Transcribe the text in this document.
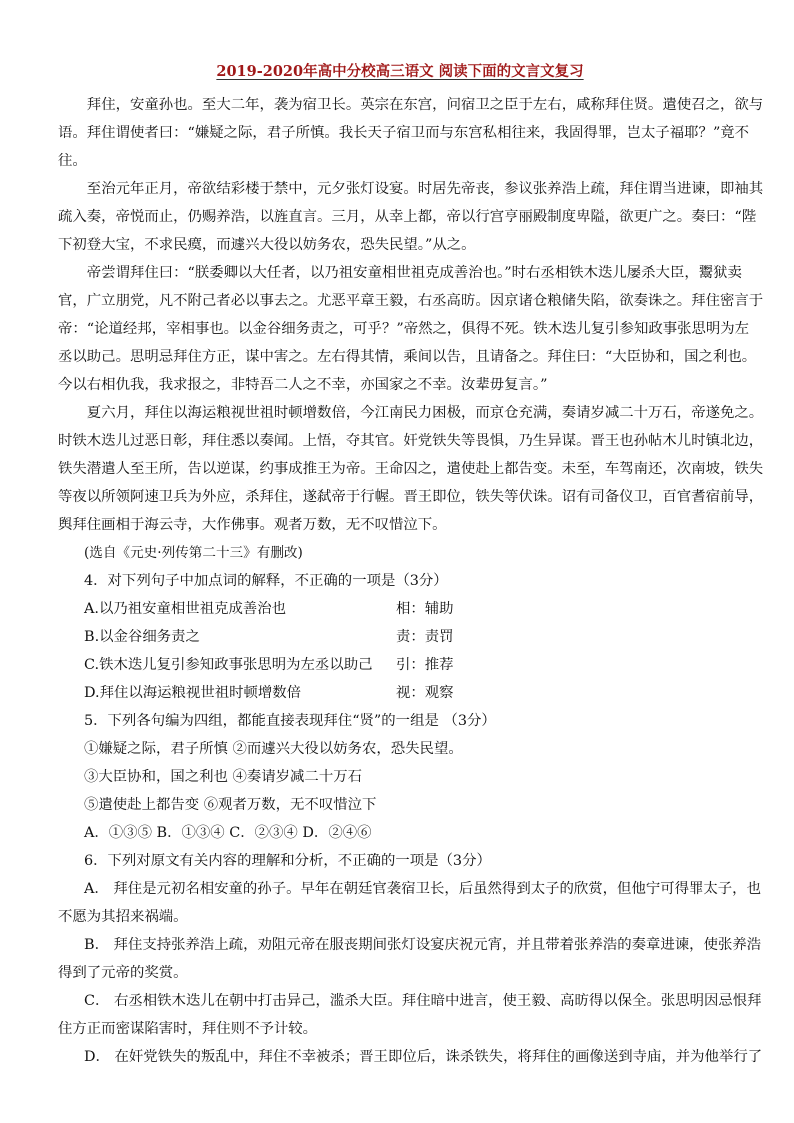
2019-2020年高中分校高三语文 阅读下面的文言文复习

拜住，安童孙也。至大二年，袭为宿卫长。英宗在东宫，问宿卫之臣于左右，咸称拜住贤。遣使召之，欲与
语。拜住谓使者曰：“嫌疑之际，君子所慎。我长天子宿卫而与东宫私相往来，我固得罪，岂太子福耶？”竟不
往。

至治元年正月，帝欲结彩楼于禁中，元夕张灯设宴。时居先帝丧，参议张养浩上疏，拜住谓当进谏，即袖其
疏入奏，帝悦而止，仍赐养浩，以旌直言。三月，从幸上都，帝以行宫亨丽殿制度卑隘，欲更广之。奏曰：“陛
下初登大宝，不求民瘼，而遽兴大役以妨务农，恐失民望。”从之。

帝尝谓拜住曰：“朕委卿以大任者，以乃祖安童相世祖克成善治也。”时右丞相铁木迭儿屡杀大臣，鬻狱卖
官，广立朋党，凡不附己者必以事去之。尤恶平章王毅，右丞高昉。因京诸仓粮储失陷，欲奏诛之。拜住密言于
帝：“论道经邦，宰相事也。以金谷细务责之，可乎？”帝然之，俱得不死。铁木迭儿复引参知政事张思明为左
丞以助己。思明忌拜住方正，谋中害之。左右得其情，乘间以告，且请备之。拜住曰：“大臣协和，国之利也。
今以右相仇我，我求报之，非特吾二人之不幸，亦国家之不幸。汝辈毋复言。”

夏六月，拜住以海运粮视世祖时顿增数倍，今江南民力困极，而京仓充满，奏请岁减二十万石，帝遂免之。
时铁木迭儿过恶日彰，拜住悉以奏闻。上悟，夺其官。奸党铁失等畏惧，乃生异谋。晋王也孙帖木儿时镇北边，
铁失潜遣人至王所，告以逆谋，约事成推王为帝。王命囚之，遣使赴上都告变。未至，车驾南还，次南坡，铁失
等夜以所领阿速卫兵为外应，杀拜住，遂弑帝于行幄。晋王即位，铁失等伏诛。诏有司备仪卫，百官耆宿前导，
舆拜住画相于海云寺，大作佛事。观者万数，无不叹惜泣下。

(选自《元史·列传第二十三》有删改)

4．对下列句子中加点词的解释，不正确的一项是（3分）

A.以乃祖安童相世祖克成善治也	相：辅助

B.以金谷细务责之	责：责罚

C.铁木迭儿复引参知政事张思明为左丞以助己	引：推荐

D.拜住以海运粮视世祖时顿增数倍	视：观察

5．下列各句编为四组，都能直接表现拜住“贤”的一组是 （3分）

①嫌疑之际，君子所慎 ②而遽兴大役以妨务农，恐失民望。

③大臣协和，国之利也 ④奏请岁减二十万石

⑤遣使赴上都告变 ⑥观者万数，无不叹惜泣下

A．①③⑤ B．①③④ C．②③④ D．②④⑥

6．下列对原文有关内容的理解和分析，不正确的一项是（3分）

A． 拜住是元初名相安童的孙子。早年在朝廷官袭宿卫长，后虽然得到太子的欣赏，但他宁可得罪太子，也
不愿为其招来祸端。

B． 拜住支持张养浩上疏，劝阻元帝在服丧期间张灯设宴庆祝元宵，并且带着张养浩的奏章进谏，使张养浩
得到了元帝的奖赏。

C． 右丞相铁木迭儿在朝中打击异己，滥杀大臣。拜住暗中进言，使王毅、高昉得以保全。张思明因忌恨拜
住方正而密谋陷害时，拜住则不予计较。

D． 在奸党铁失的叛乱中，拜住不幸被杀；晋王即位后，诛杀铁失，将拜住的画像送到寺庙，并为他举行了
